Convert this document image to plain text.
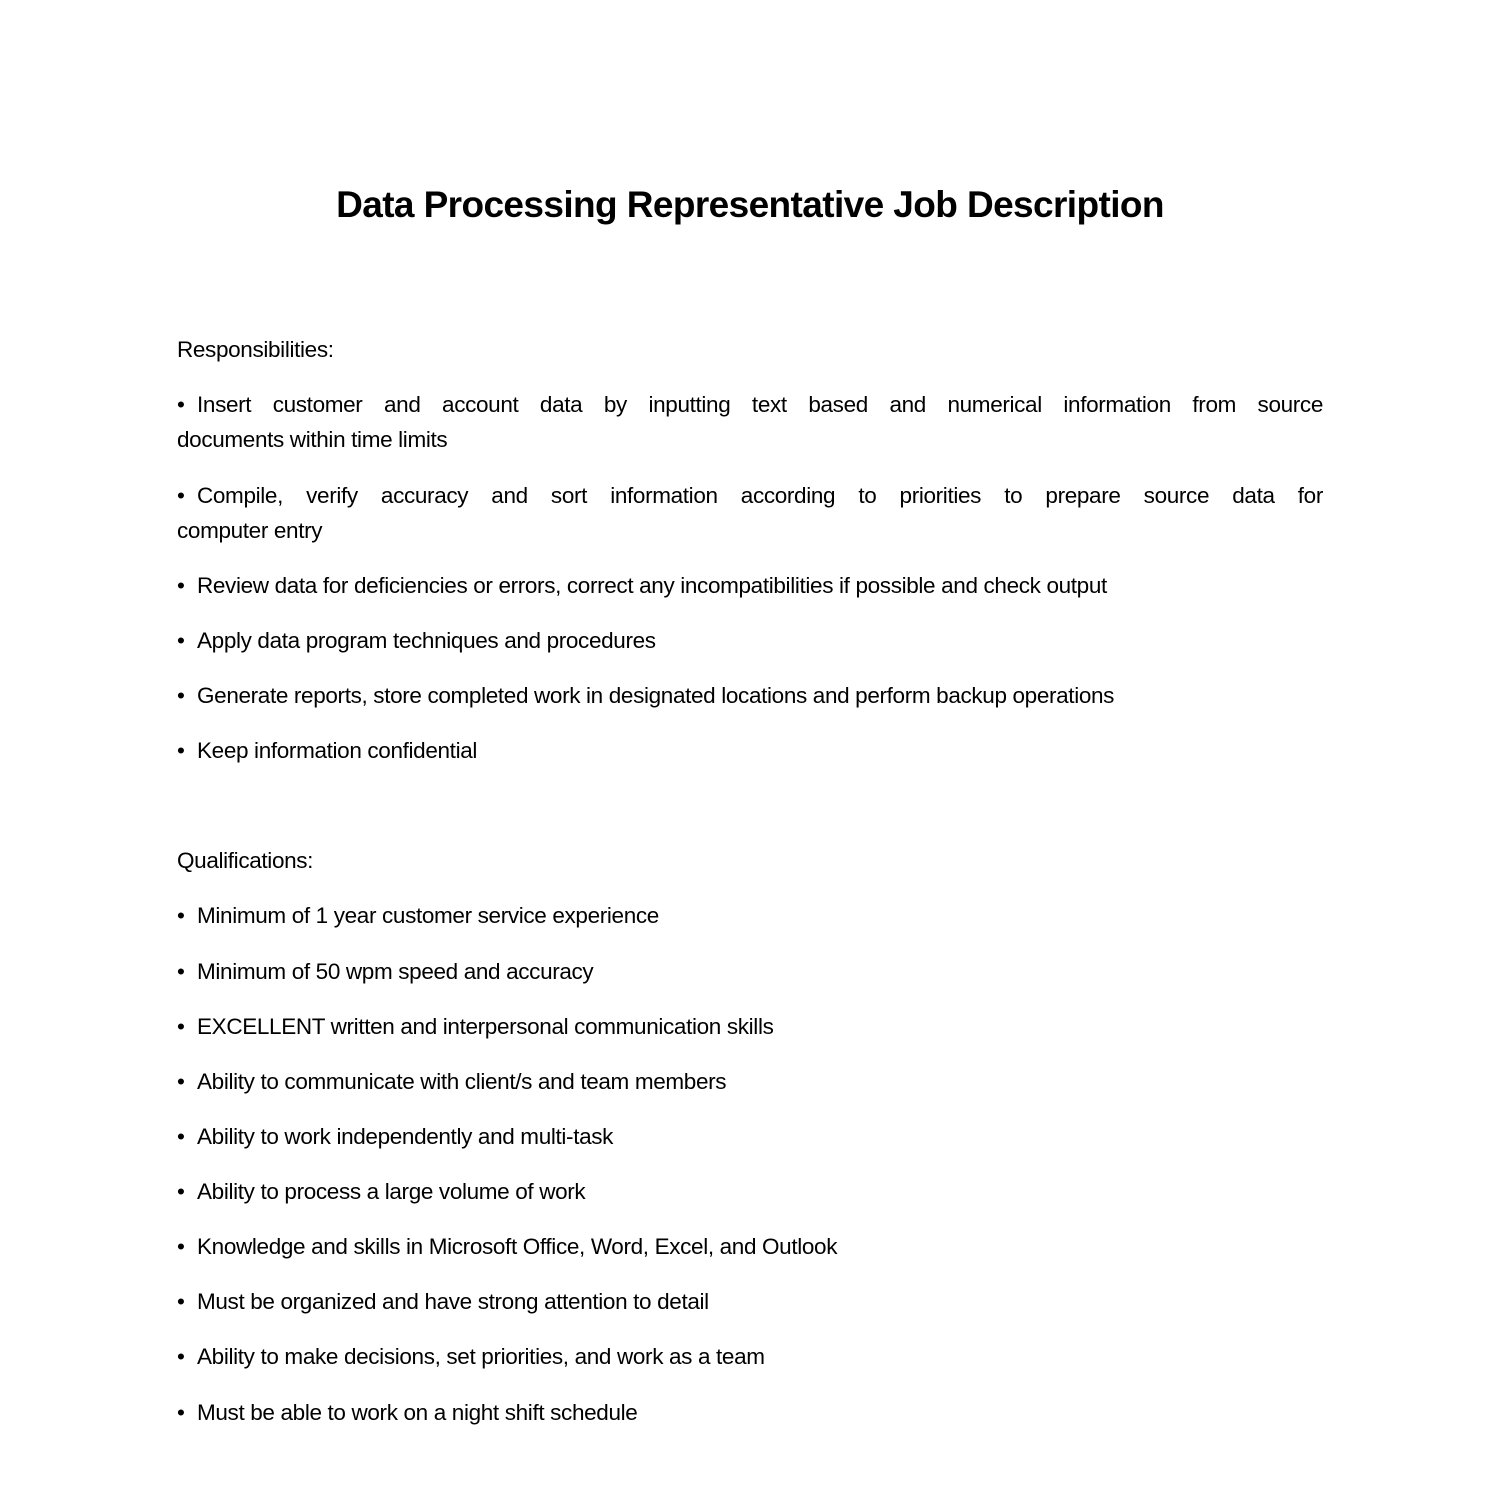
Data Processing Representative Job Description
Responsibilities:
• Insert customer and account data by inputting text based and numerical information from source
documents within time limits
• Compile, verify accuracy and sort information according to priorities to prepare source data for
computer entry
• Review data for deficiencies or errors, correct any incompatibilities if possible and check output
• Apply data program techniques and procedures
• Generate reports, store completed work in designated locations and perform backup operations
• Keep information confidential
Qualifications:
• Minimum of 1 year customer service experience
• Minimum of 50 wpm speed and accuracy
• EXCELLENT written and interpersonal communication skills
• Ability to communicate with client/s and team members
• Ability to work independently and multi-task
• Ability to process a large volume of work
• Knowledge and skills in Microsoft Office, Word, Excel, and Outlook
• Must be organized and have strong attention to detail
• Ability to make decisions, set priorities, and work as a team
• Must be able to work on a night shift schedule
